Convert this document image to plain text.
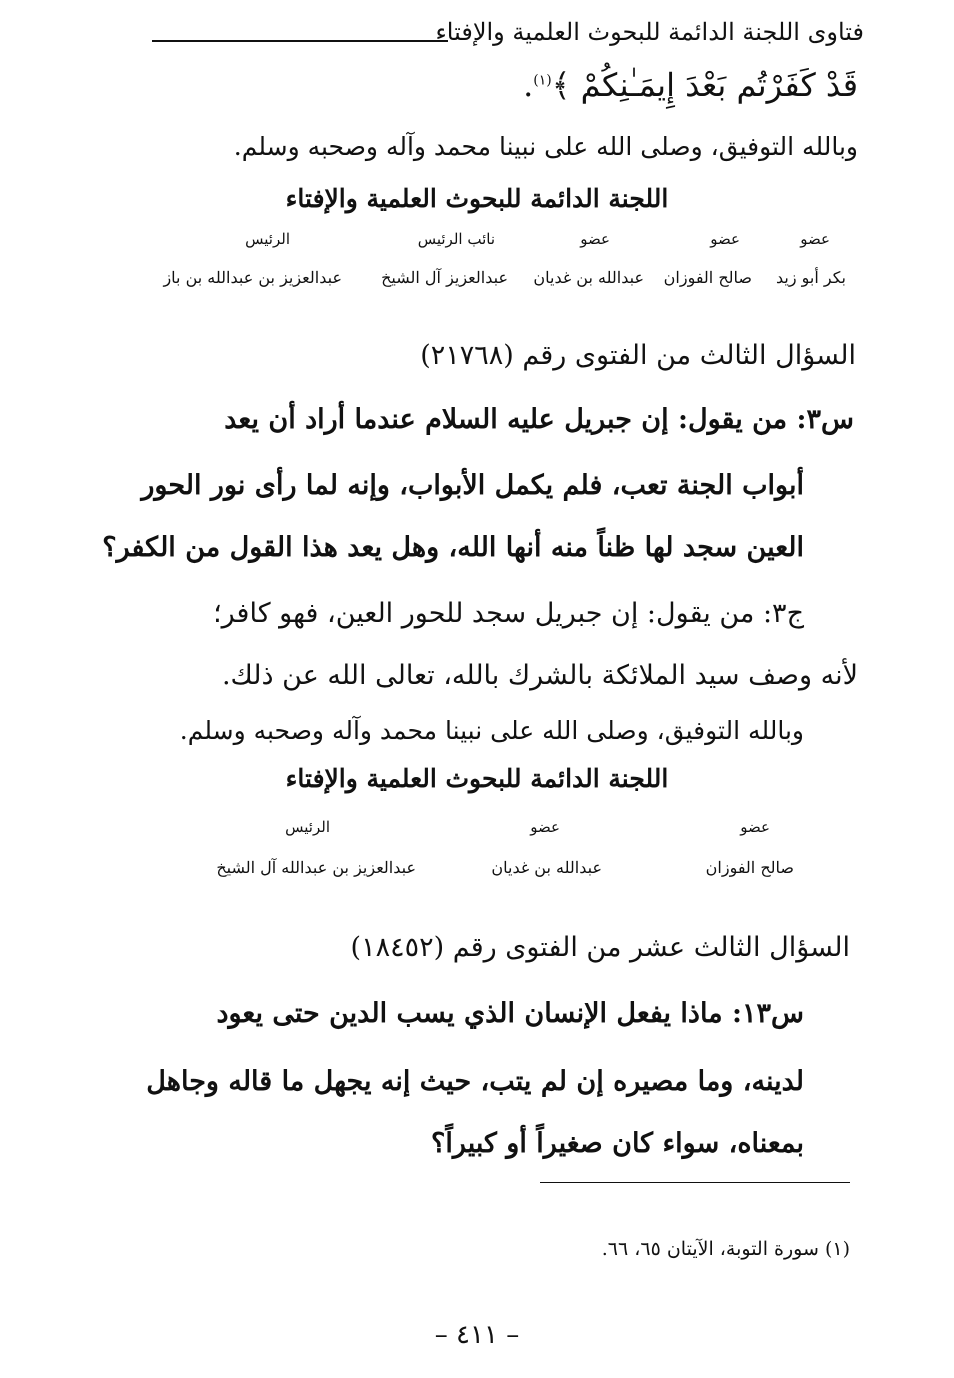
فتاوى اللجنة الدائمة للبحوث العلمية والإفتاء
قَدْ كَفَرْتُم بَعْدَ إِيمَـٰنِكُمْ ﴾$^{(١)}$.
وبالله التوفيق، وصلى الله على نبينا محمد وآله وصحبه وسلم.
اللجنة الدائمة للبحوث العلمية والإفتاء
عضو
عضو
عضو
نائب الرئيس
الرئيس
بكر أبو زيد
صالح الفوزان
عبدالله بن غديان
عبدالعزيز آل الشيخ
عبدالعزيز بن عبدالله بن باز
السؤال الثالث من الفتوى رقم (٢١٧٦٨)
س٣: من يقول: إن جبريل عليه السلام عندما أراد أن يعد
أبواب الجنة تعب، فلم يكمل الأبواب، وإنه لما رأى نور الحور
العين سجد لها ظناً منه أنها الله، وهل يعد هذا القول من الكفر؟
ج٣: من يقول: إن جبريل سجد للحور العين، فهو كافر؛
لأنه وصف سيد الملائكة بالشرك بالله، تعالى الله عن ذلك.
وبالله التوفيق، وصلى الله على نبينا محمد وآله وصحبه وسلم.
اللجنة الدائمة للبحوث العلمية والإفتاء
عضو
عضو
الرئيس
صالح الفوزان
عبدالله بن غديان
عبدالعزيز بن عبدالله آل الشيخ
السؤال الثالث عشر من الفتوى رقم (١٨٤٥٢)
س١٣: ماذا يفعل الإنسان الذي يسب الدين حتى يعود
لدينه، وما مصيره إن لم يتب، حيث إنه يجهل ما قاله وجاهل
بمعناه، سواء كان صغيراً أو كبيراً؟
(١) سورة التوبة، الآيتان ٦٥، ٦٦.
– ٤١١ –
